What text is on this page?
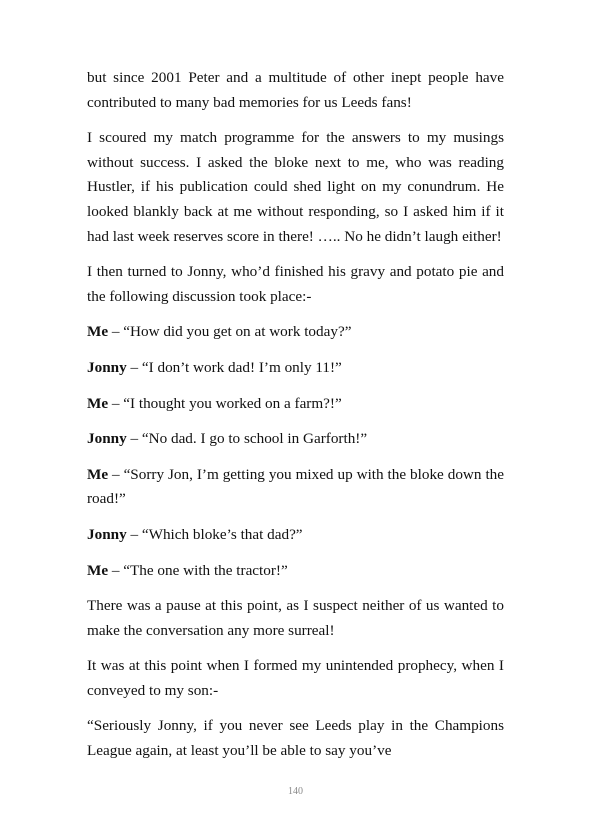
but since 2001 Peter and a multitude of other inept people have contributed to many bad memories for us Leeds fans!

I scoured my match programme for the answers to my musings without success. I asked the bloke next to me, who was reading Hustler, if his publication could shed light on my conundrum. He looked blankly back at me without responding, so I asked him if it had last week reserves score in there! ….. No he didn’t laugh either!

I then turned to Jonny, who’d finished his gravy and potato pie and the following discussion took place:-

Me – “How did you get on at work today?”

Jonny – “I don’t work dad! I’m only 11!”

Me – “I thought you worked on a farm?!”

Jonny – “No dad. I go to school in Garforth!”

Me – “Sorry Jon, I’m getting you mixed up with the bloke down the road!”

Jonny – “Which bloke’s that dad?”

Me – “The one with the tractor!”

There was a pause at this point, as I suspect neither of us wanted to make the conversation any more surreal!

It was at this point when I formed my unintended prophecy, when I conveyed to my son:-

“Seriously Jonny, if you never see Leeds play in the Champions League again, at least you’ll be able to say you’ve

140
